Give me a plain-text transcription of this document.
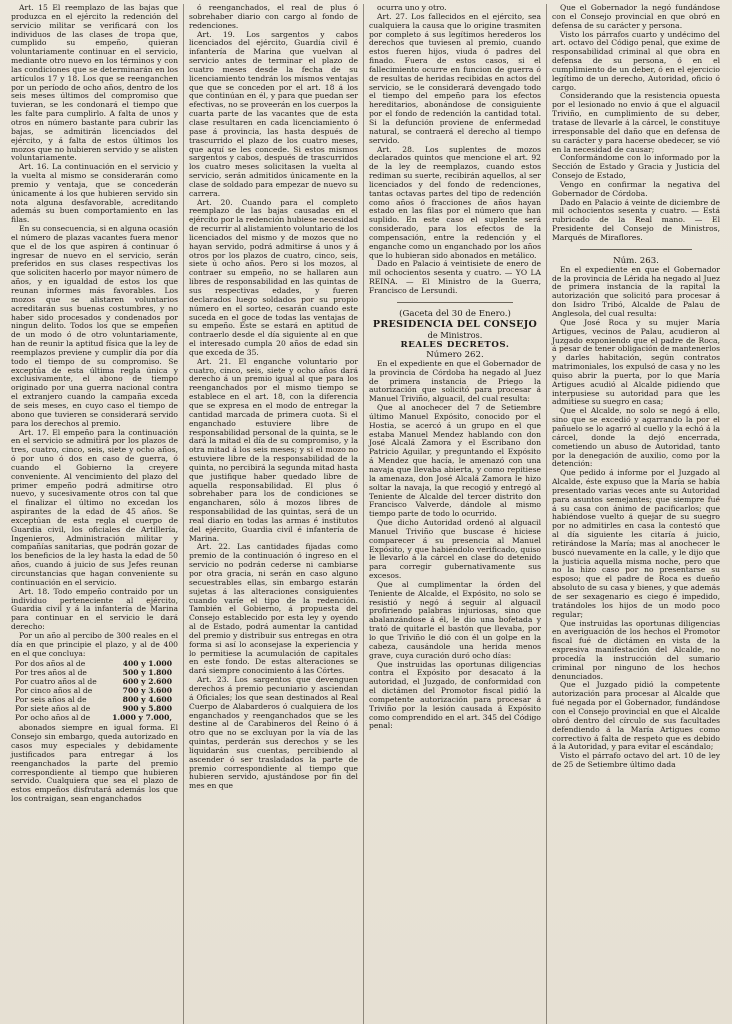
Art. 15 El reemplazo de las bajas que produzca en el ejército la redención del servicio militar se verificará con los individuos de las clases de tropa que, cumplido su empeño, quieran voluntariamente continuar en el servicio, mediante otro nuevo en los términos y con las condiciones que se determinarán en los artículos 17 y 18. Los que se reenganchen por un período de ocho años, dentro de los seis meses últimos del compromiso que tuvieran, se les condonará el tiempo que les falte para cumplirlo. A falta de unos y otros en número bastante para cubrir las bajas, se admitirán licenciados del ejército, y á falta de estos últimos los mozos que no hubieren servido y se alisten voluntariamente.

Art. 16. La continuación en el servicio y la vuelta al mismo se considerarán como premio y ventaja, que se concederán únicamente á los que hubieren servido sin nota alguna desfavorable, acreditando además su buen comportamiento en las filas.

En su consecuencia, si en alguna ocasión el número de plazas vacantes fuera menor que el de los que aspiren á continuar ó ingresar de nuevo en el servicio, serán preferidos en sus clases respectivas los que soliciten hacerlo por mayor número de años, y en igualdad de estos los que reunan informes más favorables. Los mozos que se alistaren voluntarios acreditarán sus buenas costumbres, y no haber sido procesados y condenados por ningun delito. Todos los que se empeñen de un modo ó de otro voluntariamente, han de reunir la aptitud física que la ley de reemplazos previene y cumplir día por día todo el tiempo de su compromiso. Se exceptúa de esta última regla única y exclusivamente, el abono de tiempo originado por una guerra nacional contra el extranjero cuando la campaña exceda de seis meses, en cuyo caso el tiempo de abono que tuvieren se considerará servido para los derechos al premio.

Art. 17. El empeño para la continuación en el servicio se admitirá por los plazos de tres, cuatro, cinco, seis, siete y ocho años, ó por uno ó dos en caso de guerra, ó cuando el Gobierno la creyere conveniente. Al vencimiento del plazo del primer empeño podrá admitirse otro nuevo, y sucesivamente otros con tal que el finalizar el último no excedan los aspirantes de la edad de 45 años. Se exceptúan de esta regla el cuerpo de Guardia civil, los oficiales de Artillería, Ingenieros, Administración militar y compañías sanitarias, que podrán gozar de los beneficios de la ley hasta la edad de 50 años, cuando á juicio de sus Jefes reunan circunstancias que hagan conveniente su continuación en el servicio.

Art. 18. Todo empeño contraido por un individuo perteneciente al ejército, Guardia civil y á la infantería de Marina para continuar en el servicio le dará derecho:

Por un año al percibo de 300 reales en el día en que principie el plazo, y al de 400 en el que concluya:

Por dos años al de	400 y 1.000
Por tres años al de	500 y 1.800
Por cuatro años al de	600 y 2.600
Por cinco años al de	700 y 3.600
Por seis años al de	800 y 4.600
Por siete años al de	900 y 5.800
Por ocho años al de	1.000 y 7.000,

abonados siempre en igual forma. El Consejo sin embargo, queda autorizado en casos muy especiales y debidamente justificados para entregar á los reenganchados la parte del premio correspondiente al tiempo que hubieren servido. Cualquiera que sea el plazo de estos empeños disfrutará además los que los contraigan, sean enganchados

ó reenganchados, el real de plus ó sobrehaber diario con cargo al fondo de redenciones.

Art. 19. Los sargentos y cabos licenciados del ejército, Guardia civil é infantería de Marina que vuelvan al servicio antes de terminar el plazo de cuatro meses desde la fecha de su licenciamiento tendrán los mismos ventajas que que se conceden por el art. 18 á los que continúan en él, y para que puedan ser efectivas, no se proveerán en los cuerpos la cuarta parte de las vacantes que de esta clase resultaren en cada licenciamiento ó pase á provincia, las hasta después de trascurrido el plazo de los cuatro meses, que aquí se les concede. Si estos mismos sargentos y cabos, después de trascurridos los cuatro meses solicitasen la vuelta al servicio, serán admitidos únicamente en la clase de soldado para empezar de nuevo su carrera.

Art. 20. Cuando para el completo reemplazo de las bajas causadas en el ejército por la redención hubiese necesidad de recurrir al alistamiento voluntario de los licenciados del mismo y de mozos que no hayan servido, podrá admitirse á unos y á otros por los plazos de cuatro, cinco, seis, siete ú ocho años. Pero si los mozos, al contraer su empeño, no se hallaren aun libres de responsabilidad en las quintas de sus respectivas edades, y fueren declarados luego soldados por su propio número en el sorteo, cesarán cuando este suceda en el goce de todas las ventajas de su empeño. Este se estará en aptitud de contraerlo desde el día siguiente al en que el interesado cumpla 20 años de edad sin que exceda de 35.

Art. 21. El enganche voluntario por cuatro, cinco, seis, siete y ocho años dará derecho á un premio igual al que para los reenganchados por el mismo tiempo se establece en el art. 18, con la diferencia que se expresa en el modo de entregar la cantidad marcada de primera cuota. Si el enganchado estuviere libre de responsabilidad personal de la quinta, se le dará la mitad el día de su compromiso, y la otra mitad á los seis meses; y si el mozo no estuviere libre de la responsabilidad de la quinta, no percibirá la segunda mitad hasta que justifique haber quedado libre de aquella responsabilidad. El plus ó sobrehaber para los de condiciones se engancharen, sólo á mozos libres de responsabilidad de las quintas, será de un real diario en todas las armas é institutos del ejército, Guardia civil é infantería de Marina.

Art. 22. Las cantidades fijadas como premio de la continuación ó ingreso en el servicio no podrán cederse ni cambiarse por otra gracia, ni serán en caso alguno secuestrables ellas, sin embargo estarán sujetas á las alteraciones consiguientes cuando varíe el tipo de la redención. También el Gobierno, á propuesta del Consejo establecido por esta ley y oyendo al de Estado, podrá aumentar la cantidad del premio y distribuir sus entregas en otra forma si así lo aconsejase la experiencia y lo permitiese la acumulación de capitales en este fondo. De estas alteraciones se dará siempre conocimiento á las Córtes.

Art. 23. Los sargentos que devenguen derechos á premio pecuniario y asciendan á Oficiales; los que sean destinados al Real Cuerpo de Alabarderos ó cualquiera de los enganchados y reenganchados que se les destine al de Carabineros del Reino ó á otro que no se excluyan por la vía de las quintas, perderán sus derechos y se les liquidarán sus cuentas, percibiendo al ascender ó ser trasladados la parte de premio correspondiente al tiempo que hubieren servido, ajustándose por fin del mes en que

ocurra uno y otro.

Art. 27. Los fallecidos en el ejército, sea cualquiera la causa que lo origine trasmiten por completo á sus legítimos herederos los derechos que tuviesen al premio, cuando estos fueren hijos, viuda ó padres del finado. Fuera de estos casos, si el fallecimiento ocurre en funcion de guerra ó de resultas de heridas recibidas en actos del servicio, se le considerará devengado todo el tiempo del empeño para los efectos hereditarios, abonándose de consiguiente por el fondo de redención la cantidad total. Si la defunción proviene de enfermedad natural, se contraerá el derecho al tiempo servido.

Art. 28. Los suplentes de mozos declarados quintos que mencione el art. 92 de la ley de reemplazos, cuando estos rediman su suerte, recibirán aquellos, al ser licenciados y del fondo de redenciones, tantas octavas partes del tipo de redención como años ó fracciones de años hayan estado en las filas por el número que han suplido. En este caso el suplente será considerado, para los efectos de la compensación, entre la redención y el enganche como un enganchado por los años que lo hubieran sido abonados en metálico.

Dado en Palacio á veintisiete de enero de mil ochocientos sesenta y cuatro. — YO LA REINA. — El Ministro de la Guerra, Francisco de Lersundi.

(Gaceta del 30 de Enero.)

PRESIDENCIA DEL CONSEJO

de Ministros.

REALES DECRETOS.

Número 262.

En el expediente en que el Gobernador de la provincia de Córdoba ha negado al Juez de primera instancia de Priego la autorización que solicitó para procesar á Manuel Triviño, alguacil, del cual resulta:

Que al anochecer del 7 de Setiembre último Manuel Expósito, conocido por el Hostia, se acercó á un grupo en el que estaba Manuel Mendez hablando con don José Alcalá Zamora y el Escribano don Patricio Aguilar, y preguntando el Expósito á Mendez que hacía, le amenazó con una navaja que llevaba abierta, y como repitiese la amenaza, don José Alcalá Zamora le hizo soltar la navaja, la que recogió y entregó al Teniente de Alcalde del tercer distrito don Francisco Valverde, dándole al mismo tiempo parte de todo lo ocurrido.

Que dicho Autoridad ordenó al alguacil Manuel Triviño que buscase é hiciese comparecer á su presencia al Manuel Expósito, y que habiéndolo verificado, quiso le llevarlo á la cárcel en clase do detenido para corregir gubernativamente sus excesos.

Que al cumplimentar la órden del Teniente de Alcalde, el Expósito, no solo se resistió y negó á seguir al alguacil profiriendo palabras injuriosas, sino que abalanzándose á él, le dio una bofetada y trató de quitarle el bastón que llevaba, por lo que Triviño le dió con él un golpe en la cabeza, causándole una herida menos grave, cuya curación duró ocho días:

Que instruidas las oportunas diligencias contra el Expósito por desacato á la autoridad, el Juzgado, de conformidad con el dictámen del Promotor fiscal pidió la competente autorización para procesar á Triviño por la lesión causada á Expósito como comprendido en el art. 345 del Código penal:

Que el Gobernador la negó fundándose con el Consejo provincial en que obró en defensa de su carácter y persona.

Visto los párrafos cuarto y undécimo del art. octavo del Código penal, que exime de responsabilidad criminal al que obra en defensa de su persona, ó en el cumplimiento de un deber, ó en el ejercicio legítimo de un derecho, Autoridad, oficio ó cargo.

Considerando que la resistencia opuesta por el lesionado no envio á que el alguacil Triviño, en cumplimiento de su deber, tratase de llevarle á la cárcel, le constituye irresponsable del daño que en defensa de su carácter y para hacerse obedecer, se vió en la necesidad de causar;

Conformándome con lo informado por la Sección de Estado y Gracia y Justicia del Consejo de Estado,

Vengo en confirmar la negativa del Gobernador de Córdoba.

Dado en Palacio á veinte de diciembre de mil ochocientos sesenta y cuatro. — Está rubricado de la Real mano. — El Presidente del Consejo de Ministros, Marqués de Miraflores.

Núm. 263.

En el expediente en que el Gobernador de la provincia de Lérida ha negado al Juez de primera instancia de la rapital la autorización que solicitó para procesar á don Isidro Tribó, Alcalde de Palau de Anglesola, del cual resulta:

Que José Roca y su mujer María Artigues, vecinos de Palau, acudieron al Juzgado exponiendo que el padre de Roca, á pesar de tener obligación de mantenerlos y darles habitación, según contratos matrimoniales, los expulsó de casa y no les quiso abrir la puerta, por lo que María Artigues acudió al Alcalde pidiendo que interpusiese su autoridad para que les admitiese su suegro en casa;

Que el Alcalde, no solo se negó á ello, sino que se excedió y agarrando la por el pañuelo se lo agarró al cuello y la echó á la cárcel, donde la dejó encerrada, cometiendo un abuso de Autoridad, tanto por la denegación de auxilio, como por la detención:

Que pedido á informe por el Juzgado al Alcalde, éste expuso que la María se había presentado varias veces ante su Autoridad para asuntos semejantes; que siempre fué á su casa con ánimo de pacificarlos; que habiéndose vuelto á quejar de su suegro por no admitirles en casa la contestó que al día siguiente les citaría á juicio, retirándose la María; mas al anochecer le buscó nuevamente en la calle, y le dijo que la justicia aquella misma noche, pero que no la hizo caso por no presentarse su esposo; que el padre de Roca es dueño absoluto de su casa y bienes, y que además de ser sexagenario es ciego é impedido, tratándoles los hijos de un modo poco regular;

Que instruidas las oportunas diligencias en averiguación de los hechos el Promotor fiscal fué de dictámen en vista de la expresiva manifestación del Alcalde, no procedía la instrucción del sumario criminal por ninguno de los hechos denunciados.

Que el Juzgado pidió la competente autorización para procesar al Alcalde que fué negada por el Gobernador, fundándose con el Consejo provincial en que el Alcalde obró dentro del círculo de sus facultades defendiendo á la María Artigues como correctivo á falta de respeto que es debido á la Autoridad, y para evitar el escándalo;

Visto el párrafo octavo del art. 10 de ley de 25 de Setiembre último dada
